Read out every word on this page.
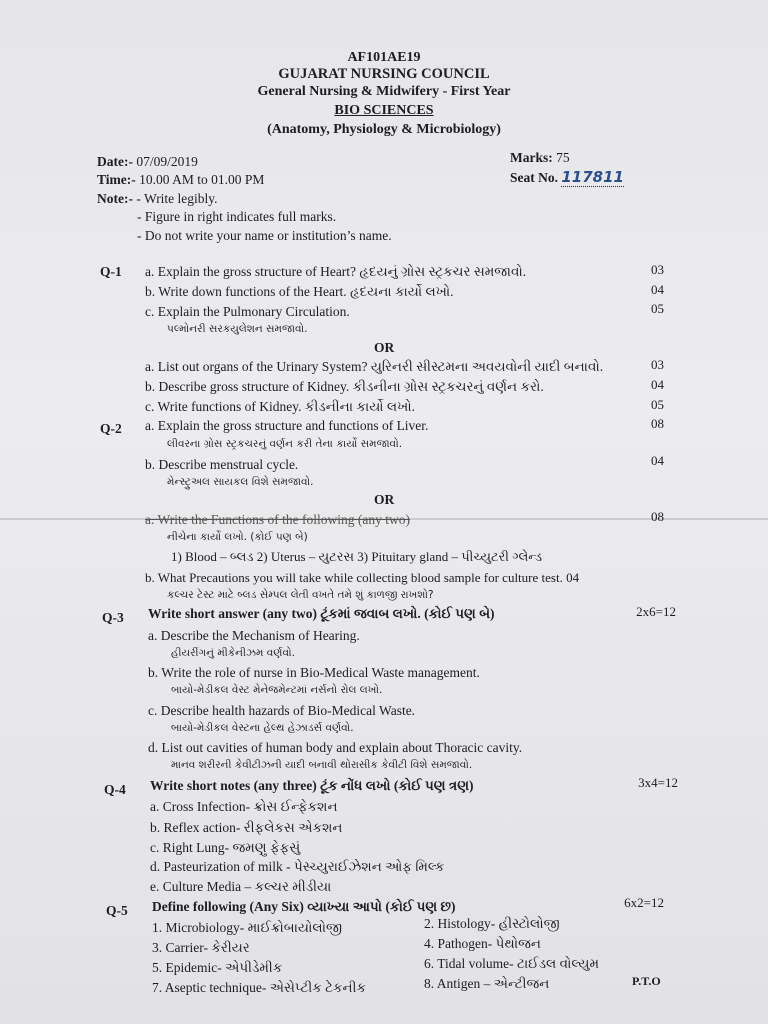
AF101AE19
GUJARAT NURSING COUNCIL
General Nursing & Midwifery - First Year
BIO SCIENCES
(Anatomy, Physiology & Microbiology)
Date:- 07/09/2019
Time:- 10.00 AM to 01.00 PM
Marks: 75
Seat No. 117811
Note:- - Write legibly.
- Figure in right indicates full marks.
- Do not write your name or institution’s name.
Q-1 a. Explain the gross structure of Heart? હૃદયનું ગ્રોસ સ્ટ્રકચર સમજાવો.	03
b. Write down functions of the Heart. હૃદયના કાર્યો લખો.	04
c. Explain the Pulmonary Circulation.	05
પલ્મોનરી સરકયુલેશન સમજાવો.
OR
a. List out organs of the Urinary System? યુરિનરી સીસ્ટમના અવયવોની યાદી બનાવો.	03
b. Describe gross structure of Kidney. કીડનીના ગ્રોસ સ્ટ્રકચરનું વર્ણન કરો.	04
c. Write functions of Kidney. કીડનીના કાર્યો લખો.	05
Q-2 a. Explain the gross structure and functions of Liver.	08
લીવરના ગ્રોસ સ્ટ્રકચરનું વર્ણન કરી તેના કાર્યો સમજાવો.
b. Describe menstrual cycle.	04
મેન્સ્ટ્રુઅલ સાયકલ વિશે સમજાવો.
OR
a. Write the Functions of the following (any two)	08
નીચેના કાર્યો લખો. (કોઈ પણ બે)
1) Blood – બ્લડ 2) Uterus – યુટરસ 3) Pituitary gland – પીચ્યુટરી ગ્લેન્ડ
b. What Precautions you will take while collecting blood sample for culture test. 04
કલ્ચર ટેસ્ટ માટે બ્લડ સેમ્પલ લેતી વખતે તમે શું કાળજી રાખશો?
Q-3 Write short answer (any two) ટૂંકમાં જવાબ લખો. (કોઈ પણ બે)	2x6=12
a. Describe the Mechanism of Hearing.
હીયરીંગનું મીકેનીઝમ વર્ણવો.
b. Write the role of nurse in Bio-Medical Waste management.
બાયો-મેડીકલ વેસ્ટ મેનેજમેન્ટમાં નર્સનો રોલ લખો.
c. Describe health hazards of Bio-Medical Waste.
બાયો-મેડીકલ વેસ્ટના હેલ્થ હેઝાડર્સ વર્ણવો.
d. List out cavities of human body and explain about Thoracic cavity.
માનવ શરીરની કેવીટીઝની યાદી બનાવી થોરાસીક કેવીટી વિશે સમજાવો.
Q-4 Write short notes (any three) ટૂંક નોંધ લખો (કોઈ પણ ત્રણ)	3x4=12
a. Cross Infection- ક્રોસ ઈન્ફેકશન
b. Reflex action- રીફલેકસ એકશન
c. Right Lung- જમણુ ફેફસું
d. Pasteurization of milk - પેસ્ચ્યુરાઈઝેશન ઓફ મિલ્ક
e. Culture Media – કલ્ચર મીડીયા
Q-5 Define following (Any Six) વ્યાખ્યા આપો (કોઈ પણ છ)	6x2=12
1. Microbiology- માઈક્રોબાયોલોજી	2. Histology- હીસ્ટોલોજી
3. Carrier- કેરીયર	4. Pathogen- પેથોજન
5. Epidemic- એપીડેમીક	6. Tidal volume- ટાઈડલ વોલ્યુમ
7. Aseptic technique- એસેપ્ટીક ટેકનીક	8. Antigen – એન્ટીજન	P.T.O
